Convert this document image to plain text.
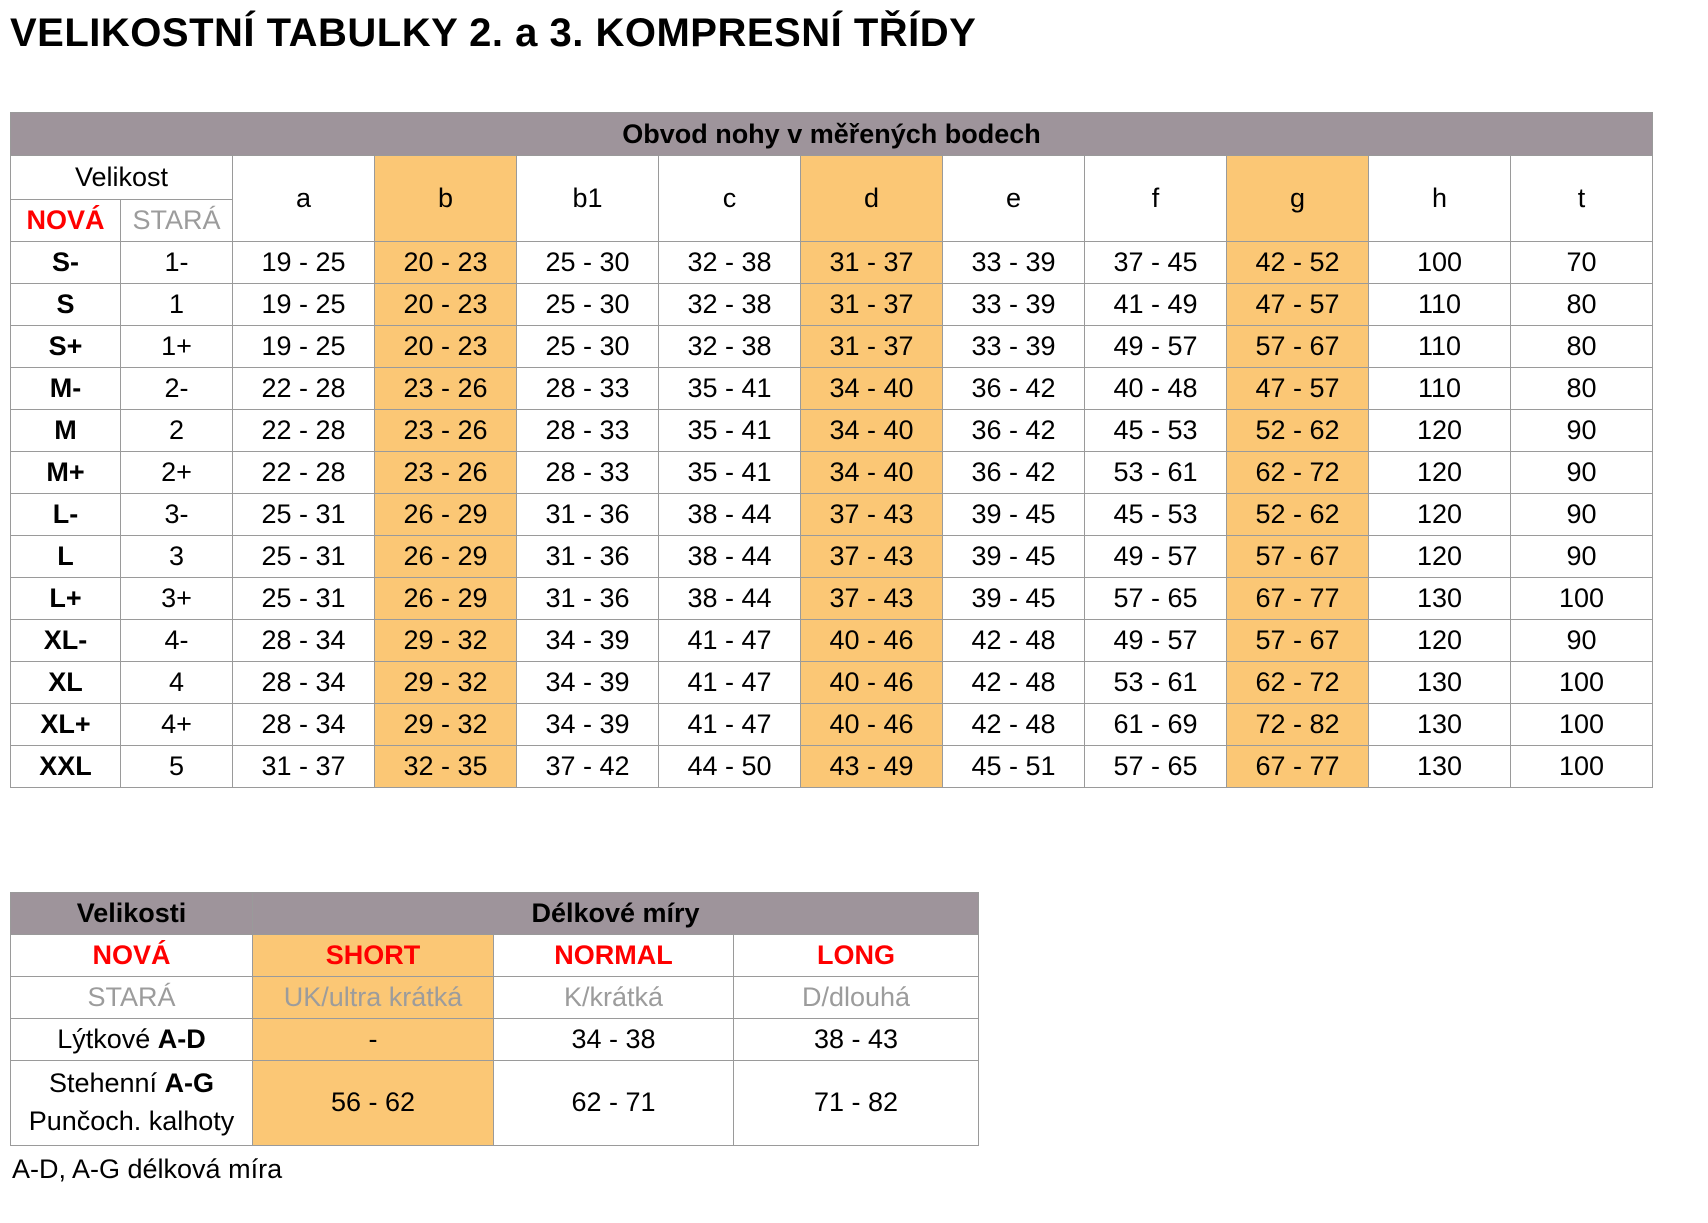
VELIKOSTNÍ TABULKY 2. a 3. KOMPRESNÍ TŘÍDY
Obvod nohy v měřených bodech											
Velikost		a	b	b1	c	d	e	f	g	h	t
NOVÁ	STARÁ										
S-	1-	19 - 25	20 - 23	25 - 30	32 - 38	31 - 37	33 - 39	37 - 45	42 - 52	100	70
S	1	19 - 25	20 - 23	25 - 30	32 - 38	31 - 37	33 - 39	41 - 49	47 - 57	110	80
S+	1+	19 - 25	20 - 23	25 - 30	32 - 38	31 - 37	33 - 39	49 - 57	57 - 67	110	80
M-	2-	22 - 28	23 - 26	28 - 33	35 - 41	34 - 40	36 - 42	40 - 48	47 - 57	110	80
M	2	22 - 28	23 - 26	28 - 33	35 - 41	34 - 40	36 - 42	45 - 53	52 - 62	120	90
M+	2+	22 - 28	23 - 26	28 - 33	35 - 41	34 - 40	36 - 42	53 - 61	62 - 72	120	90
L-	3-	25 - 31	26 - 29	31 - 36	38 - 44	37 - 43	39 - 45	45 - 53	52 - 62	120	90
L	3	25 - 31	26 - 29	31 - 36	38 - 44	37 - 43	39 - 45	49 - 57	57 - 67	120	90
L+	3+	25 - 31	26 - 29	31 - 36	38 - 44	37 - 43	39 - 45	57 - 65	67 - 77	130	100
XL-	4-	28 - 34	29 - 32	34 - 39	41 - 47	40 - 46	42 - 48	49 - 57	57 - 67	120	90
XL	4	28 - 34	29 - 32	34 - 39	41 - 47	40 - 46	42 - 48	53 - 61	62 - 72	130	100
XL+	4+	28 - 34	29 - 32	34 - 39	41 - 47	40 - 46	42 - 48	61 - 69	72 - 82	130	100
XXL	5	31 - 37	32 - 35	37 - 42	44 - 50	43 - 49	45 - 51	57 - 65	67 - 77	130	100
Velikosti	Délkové míry		
NOVÁ	SHORT	NORMAL	LONG
STARÁ	UK/ultra krátká	K/krátká	D/dlouhá
Lýtkové A-D	-	34 - 38	38 - 43
Stehenní A-G
Punčoch. kalhoty	56 - 62	62 - 71	71 - 82

A-D, A-G délková míra
